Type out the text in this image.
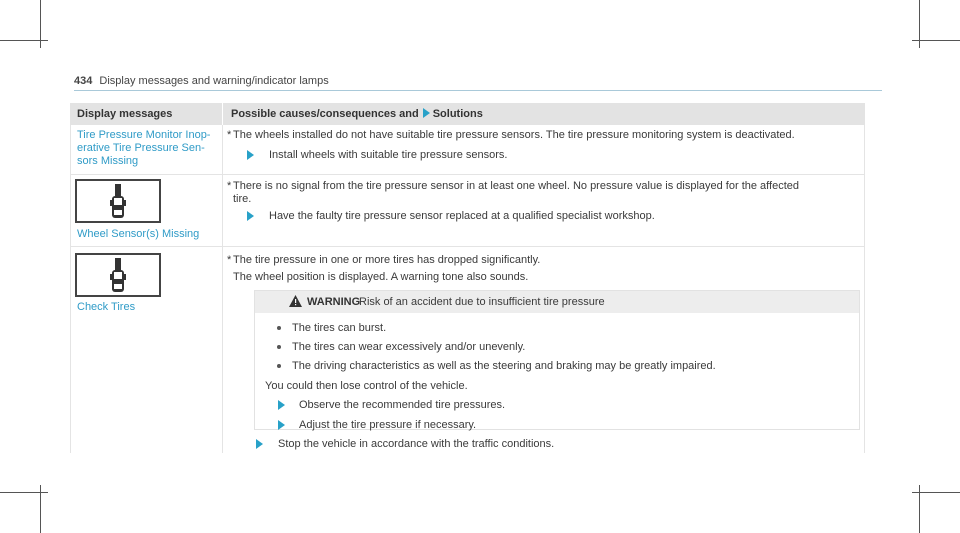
434 Display messages and warning/indicator lamps
Display messages	Possible causes/consequences and Solutions
Tire Pressure Monitor Inop-
erative Tire Pressure Sen-
sors Missing
* The wheels installed do not have suitable tire pressure sensors. The tire pressure monitoring system is deactivated.
Install wheels with suitable tire pressure sensors.
Wheel Sensor(s) Missing
* There is no signal from the tire pressure sensor in at least one wheel. No pressure value is displayed for the affected
tire.
Have the faulty tire pressure sensor replaced at a qualified specialist workshop.
Check Tires
* The tire pressure in one or more tires has dropped significantly.
The wheel position is displayed. A warning tone also sounds.
WARNING
Risk of an accident due to insufficient tire pressure
The tires can burst.
The tires can wear excessively and/or unevenly.
The driving characteristics as well as the steering and braking may be greatly impaired.
You could then lose control of the vehicle.
Observe the recommended tire pressures.
Adjust the tire pressure if necessary.
Stop the vehicle in accordance with the traffic conditions.
